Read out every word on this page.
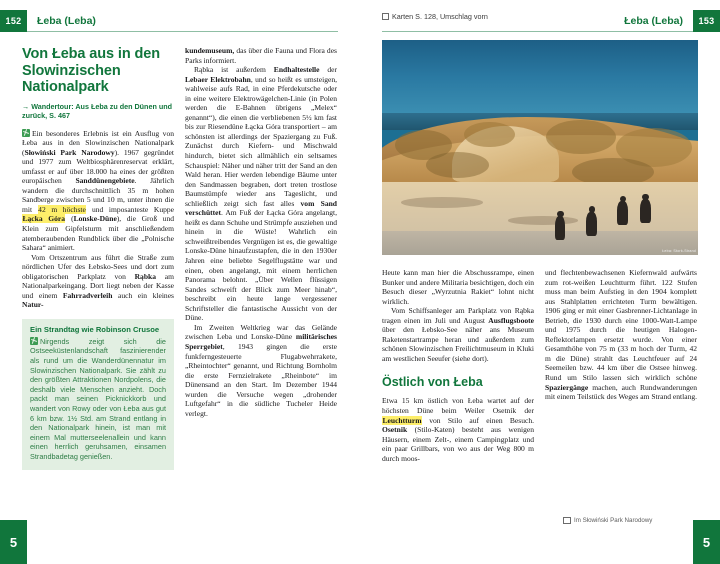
152	Łeba (Leba)
Von Łeba aus in den Slowinzischen Nationalpark
→ Wandertour: Aus Łeba zu den Dünen und zurück, S. 467

Ein besonderes Erlebnis ist ein Ausflug von Łeba aus in den Slowinzischen Nationalpark (Słowiński Park Narodowy). 1967 gegründet und 1977 zum Weltbiosphärenreservat erklärt, umfasst er auf über 18.000 ha eines der größten europäischen Sanddünengebiete. Jährlich wandern die durchschnittlich 35 m hohen Sandberge zwischen 5 und 10 m, unter ihnen die mit 42 m höchste und imposanteste Kuppe Łącka Góra (Lonske-Düne), die Groß und Klein zum Gipfelsturm mit anschließendem atemberaubenden Rundblick über die „Polnische Sahara“ animiert.

Vom Ortszentrum aus führt die Straße zum nördlichen Ufer des Łebsko-Sees und dort zum obligatorischen Parkplatz von Rąbka am Nationalparkeingang. Dort liegt neben der Kasse und einem Fahrradverleih auch ein kleines Natur-

Ein Strandtag wie Robinson Crusoe

Nirgends zeigt sich die Ostseeküstenlandschaft faszinierender als rund um die Wanderdünennatur im Slowinzischen Nationalpark. Sie zählt zu den größten Attraktionen Nordpolens, die deshalb viele Menschen anzieht. Doch packt man seinen Picknickkorb und wandert von Rowy oder von Łeba aus gut 6 km bzw. 1½ Std. am Strand entlang in den Nationalpark hinein, ist man mit einem Mal mutterseelenallein und kann einen herrlich geruhsamen, einsamen Strandbadetag genießen.

kundemuseum, das über die Fauna und Flora des Parks informiert.

Rąbka ist außerdem Endhaltestelle der Lebaer Elektrobahn, und so heißt es umsteigen, wahlweise aufs Rad, in eine Pferdekutsche oder in eine weitere Elektrowägelchen-Linie (in Polen werden die E-Bahnen übrigens „Melex“ genannt“), die einen die verbliebenen 5½ km fast bis zur Riesendüne Łącka Góra transportiert – am schönsten ist allerdings der Spaziergang zu Fuß. Zunächst durch Kiefern- und Mischwald hindurch, bietet sich allmählich ein seltsames Schauspiel: Näher und näher tritt der Sand an den Wald heran. Hier werden lebendige Bäume unter den Sandmassen begraben, dort treten trostlose Baumstümpfe wieder ans Tageslicht, und schließlich zeigt sich fast alles vom Sand verschüttet. Am Fuß der Łącka Góra angelangt, heißt es dann Schuhe und Strümpfe ausziehen und hinein in die Wüste! Wahrlich ein schweißtreibendes Vergnügen ist es, die gewaltige Lonske-Düne hinaufzustapfen, die in den 1930er Jahren eine beliebte Segelflugstätte war und einen, oben angelangt, mit einem herrlichen Panorama belohnt. „Über Wellen flüssigen Sandes schweift der Blick zum Meer hinab“, beschreibt ein heute lange vergessener Schriftsteller die fantastische Aussicht von der Düne.

Im Zweiten Weltkrieg war das Gelände zwischen Leba und Lonske-Düne militärisches Sperrgebiet, 1943 gingen die erste funkferngesteuerte Flugabwehrrakete, „Rheintochter“ genannt, und Richtung Bornholm die erste Fernzielrakete „Rheinbote“ im Dünensand an den Start. Im Dezember 1944 wurden die Versuche wegen „drohender Luftgefahr“ in die südliche Tucheler Heide verlegt.

5
Karten S. 128, Umschlag vorn	Łeba (Leba)	153
Łeba: Stork-Strand

Heute kann man hier die Abschussrampe, einen Bunker und andere Militaria besichtigen, doch ein Besuch dieser „Wyrzutnia Rakiet“ lohnt nicht wirklich.

Vom Schiffsanleger am Parkplatz von Rąbka tragen einen im Juli und August Ausflugsboote über den Łebsko-See näher ans Museum Raketenstartrampe heran und außerdem zum schönen Slowinzischen Freilichtmuseum in Kluki am westlichen Seeufer (siehe dort).

Östlich von Łeba

Etwa 15 km östlich von Łeba wartet auf der höchsten Düne beim Weiler Osetnik der Leuchtturm von Stilo auf einen Besuch. Osetnik (Stilo-Katen) besteht aus wenigen Häusern, einem Zelt-, einem Campingplatz und ein paar Grillbars, von wo aus der Weg 800 m durch moos-

und flechtenbewachsenen Kiefernwald aufwärts zum rot-weißen Leuchtturm führt. 122 Stufen muss man beim Aufstieg in den 1904 komplett aus Stahlplatten errichteten Turm bewältigen. 1906 ging er mit einer Gasbrenner-Lichtanlage in Betrieb, die 1930 durch eine 1000-Watt-Lampe und 1975 durch die heutigen Halogen-Reflektorlampen ersetzt wurde. Von einer Gesamthöhe von 75 m (33 m hoch der Turm, 42 m die Düne) strahlt das Leuchtfeuer auf 24 Seemeilen bzw. 44 km über die Ostsee hinweg. Rund um Stilo lassen sich wirklich schöne Spaziergänge machen, auch Rundwanderungen mit einem Teilstück des Weges am Strand entlang.

Im Słowiński Park Narodowy
5
